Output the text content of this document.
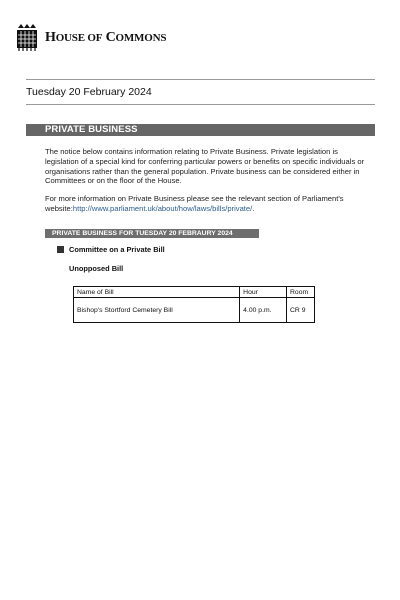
HOUSE OF COMMONS
Tuesday 20 February 2024
PRIVATE BUSINESS

The notice below contains information relating to Private Business. Private legislation is legislation of a special kind for conferring particular powers or benefits on specific individuals or organisations rather than the general population. Private business can be considered either in Committees or on the floor of the House.

For more information on Private Business please see the relevant section of Parliament's website:http://www.parliament.uk/about/how/laws/bills/private/.

PRIVATE BUSINESS FOR TUESDAY 20 FEBRAURY 2024
Committee on a Private Bill
Unopposed Bill
Name of Bill	Hour	Room
Bishop's Stortford Cemetery Bill	4.00 p.m.	CR 9
